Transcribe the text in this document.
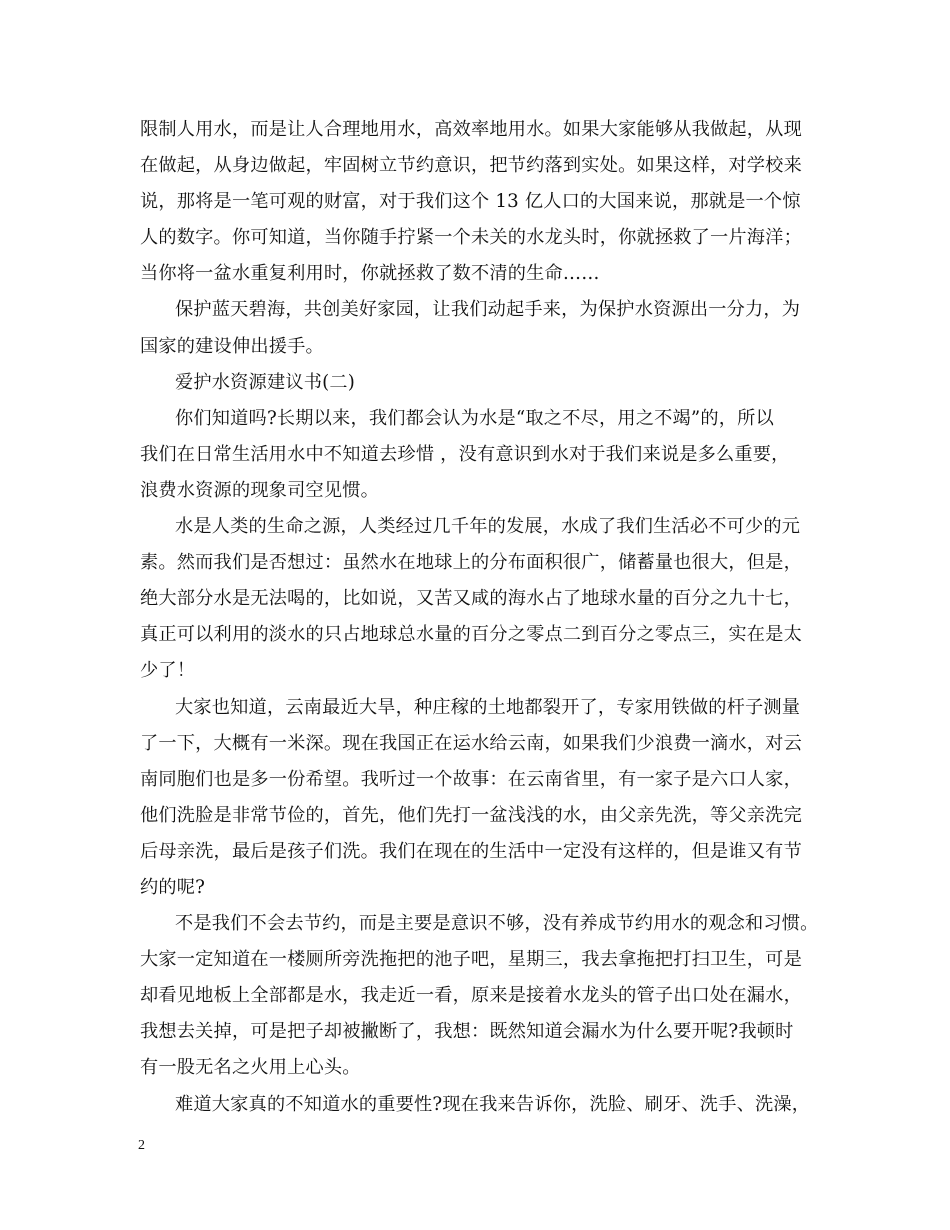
限制人用水，而是让人合理地用水，高效率地用水。如果大家能够从我做起，从现
在做起，从身边做起，牢固树立节约意识，把节约落到实处。如果这样，对学校来
说，那将是一笔可观的财富，对于我们这个 13 亿人口的大国来说，那就是一个惊
人的数字。你可知道，当你随手拧紧一个未关的水龙头时，你就拯救了一片海洋；
当你将一盆水重复利用时，你就拯救了数不清的生命……
保护蓝天碧海，共创美好家园，让我们动起手来，为保护水资源出一分力，为
国家的建设伸出援手。
爱护水资源建议书(二)
你们知道吗?长期以来，我们都会认为水是“取之不尽，用之不竭”的，所以
我们在日常生活用水中不知道去珍惜 ，没有意识到水对于我们来说是多么重要，
浪费水资源的现象司空见惯。
水是人类的生命之源，人类经过几千年的发展，水成了我们生活必不可少的元
素。然而我们是否想过：虽然水在地球上的分布面积很广，储蓄量也很大，但是，
绝大部分水是无法喝的，比如说，又苦又咸的海水占了地球水量的百分之九十七，
真正可以利用的淡水的只占地球总水量的百分之零点二到百分之零点三，实在是太
少了！
大家也知道，云南最近大旱，种庄稼的土地都裂开了，专家用铁做的杆子测量
了一下，大概有一米深。现在我国正在运水给云南，如果我们少浪费一滴水，对云
南同胞们也是多一份希望。我听过一个故事：在云南省里，有一家子是六口人家，
他们洗脸是非常节俭的，首先，他们先打一盆浅浅的水，由父亲先洗，等父亲洗完
后母亲洗，最后是孩子们洗。我们在现在的生活中一定没有这样的，但是谁又有节
约的呢?
不是我们不会去节约，而是主要是意识不够，没有养成节约用水的观念和习惯。
大家一定知道在一楼厕所旁洗拖把的池子吧，星期三，我去拿拖把打扫卫生，可是
却看见地板上全部都是水，我走近一看，原来是接着水龙头的管子出口处在漏水，
我想去关掉，可是把子却被撇断了，我想：既然知道会漏水为什么要开呢?我顿时
有一股无名之火用上心头。
难道大家真的不知道水的重要性?现在我来告诉你，洗脸、刷牙、洗手、洗澡，
2
